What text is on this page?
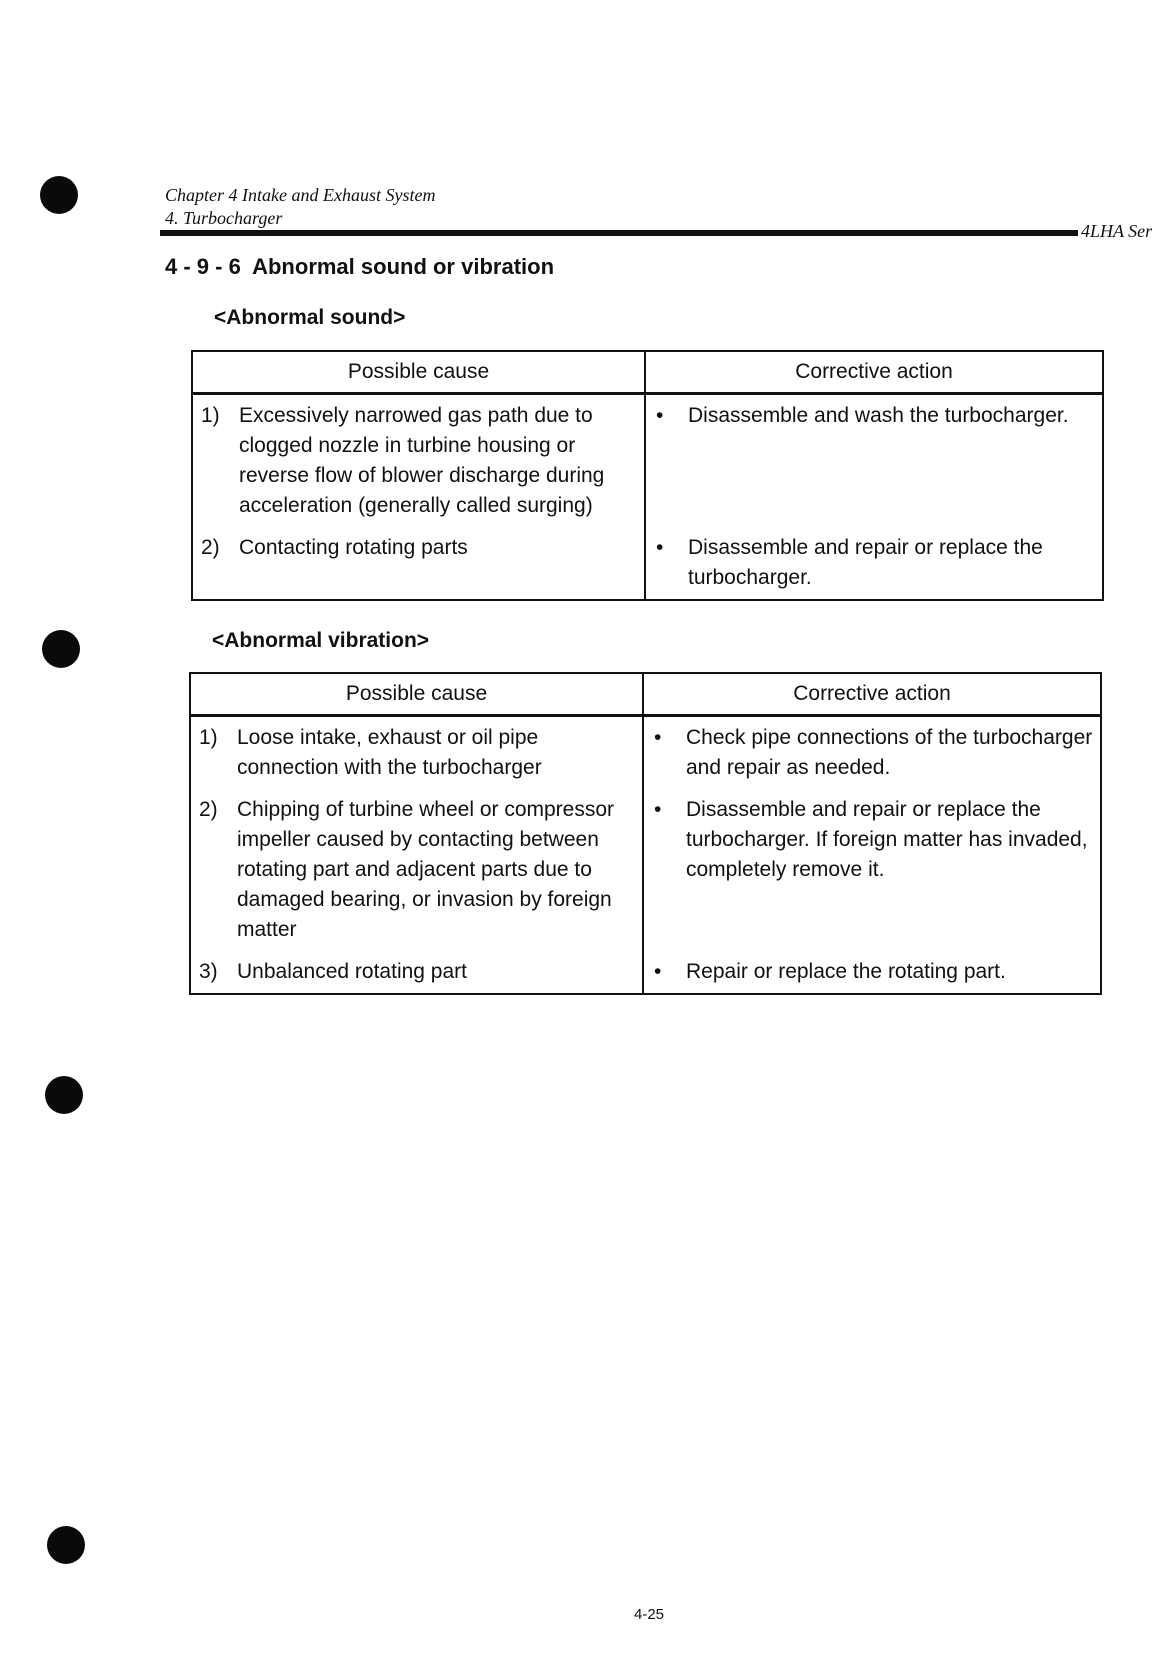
Chapter 4 Intake and Exhaust System
4. Turbocharger
4LHA Ser
4 - 9 - 6 Abnormal sound or vibration
<Abnormal sound>
Possible cause	Corrective action

1) Excessively narrowed gas path due to clogged nozzle in turbine housing or reverse flow of blower discharge during acceleration (generally called surging)	• Disassemble and wash the turbocharger.

2) Contacting rotating parts	• Disassemble and repair or replace the turbocharger.
<Abnormal vibration>
Possible cause	Corrective action

1) Loose intake, exhaust or oil pipe connection with the turbocharger	• Check pipe connections of the turbocharger and repair as needed.

2) Chipping of turbine wheel or compressor impeller caused by contacting between rotating part and adjacent parts due to damaged bearing, or invasion by foreign matter	• Disassemble and repair or replace the turbocharger. If foreign matter has invaded, completely remove it.

3) Unbalanced rotating part	• Repair or replace the rotating part.
4-25
